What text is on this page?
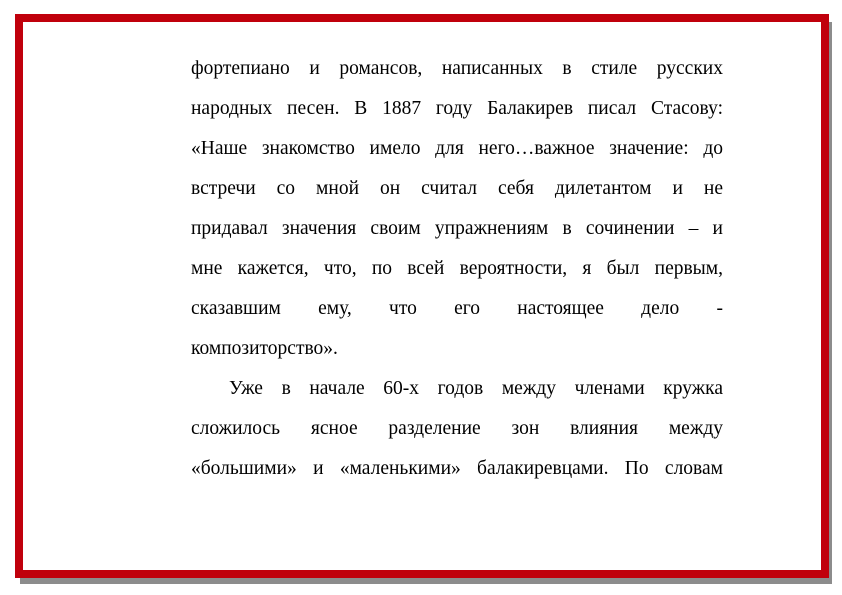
фортепиано и романсов, написанных в стиле русских
народных песен. В 1887 году Балакирев писал Стасову:
«Наше знакомство имело для него…важное значение: до
встречи со мной он считал себя дилетантом и не
придавал значения своим упражнениям в сочинении – и
мне кажется, что, по всей вероятности, я был первым,
сказавшим ему, что его настоящее дело -
композиторство».
Уже в начале 60-х годов между членами кружка
сложилось ясное разделение зон влияния между
«большими» и «маленькими» балакиревцами. По словам
